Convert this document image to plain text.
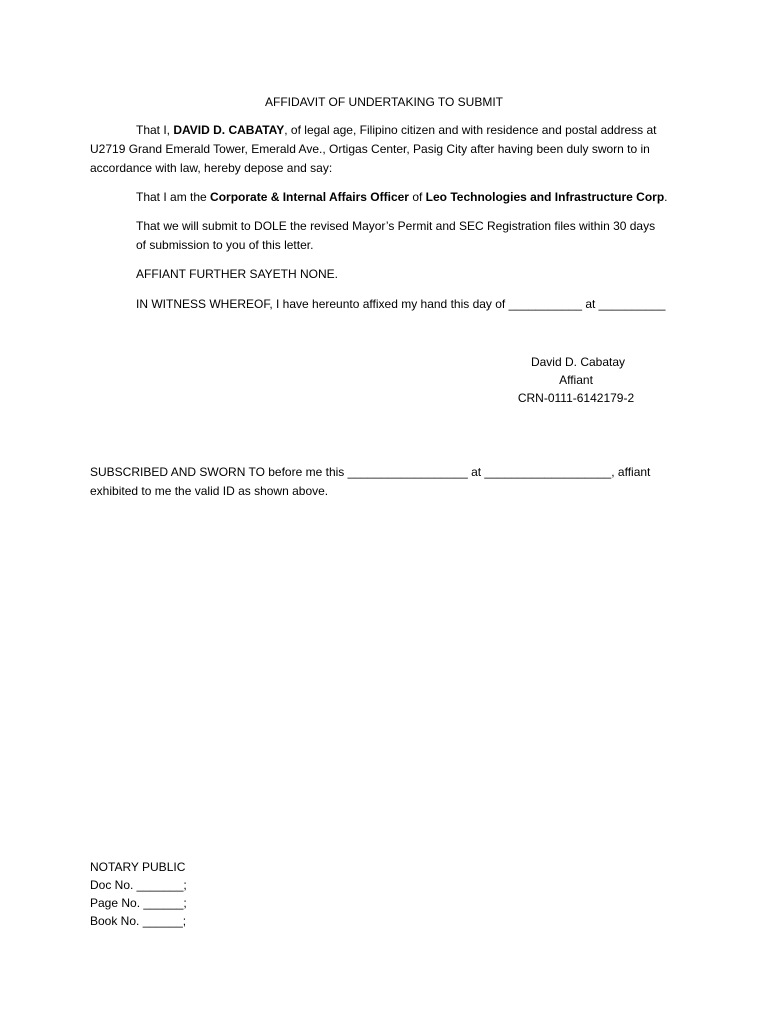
AFFIDAVIT OF UNDERTAKING TO SUBMIT
That I, DAVID D. CABATAY, of legal age, Filipino citizen and with residence and postal address at
U2719 Grand Emerald Tower, Emerald Ave., Ortigas Center, Pasig City after having been duly sworn to in
accordance with law, hereby depose and say:
That I am the Corporate & Internal Affairs Officer of Leo Technologies and Infrastructure Corp.
That we will submit to DOLE the revised Mayor’s Permit and SEC Registration files within 30 days
of submission to you of this letter.
AFFIANT FURTHER SAYETH NONE.
IN WITNESS WHEREOF, I have hereunto affixed my hand this day of ___________ at __________
David D. Cabatay
Affiant
CRN-0111-6142179-2
SUBSCRIBED AND SWORN TO before me this __________________ at ___________________, affiant
exhibited to me the valid ID as shown above.
NOTARY PUBLIC
Doc No. _______;
Page No. ______;
Book No. ______;
